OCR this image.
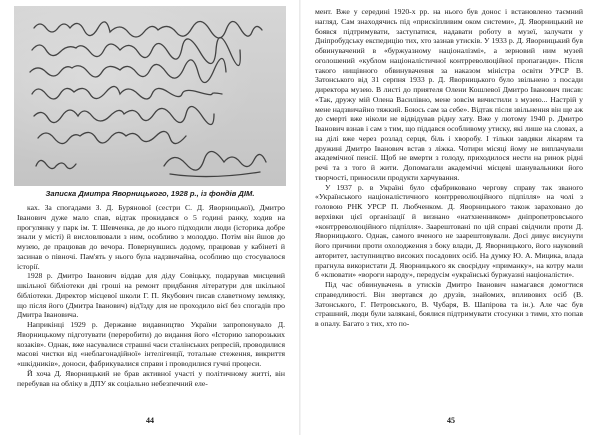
Записка Дмитра Яворницького, 1928 р., із фондів ДІМ.

ках. За спогадами З. Д. Бурянової (сестри С. Д. Яворницької), Дмитро Іванович дуже мало спав, відтак прокидався о 5 годині ранку, ходив на прогулянку у парк ім. Т. Шевченка, де до нього підходили люди (історика добре знали у місті) й висловлювали з ним, особливо з молоддю. Потім він йшов до музею, де працював до вечора. Повернувшись додому, працював у кабінеті й засинав о півночі. Пам'ять у нього була надзвичайна, особливо що стосувалося історії.

1928 р. Дмитро Іванович віддав для діду Совіцьку, подарував мисцевий шкільної бібліотеки дві гроші на ремонт придбання літератури для шкільної бібліотеки. Директор місцевої школи Г. П. Якубович писав славетному земляку, що після його (Дмитра Іванович) від'їзду для не проходило вієї без спогадів про Дмитра Івановича.

Наприкінці 1929 р. Державне видавництво України запропонувало Д. Яворницькому підготувати (переробити) до видання його «Історию запорозьких козаків». Однак, вже насувалися страшні часи сталінських репресій, проводилися масові чистки від «неблагонадійної» інтелігенції, тотальне стеження, викриття «шкідників», доноси, фабрикувалися справи і проводилися гучні процеси.

Й хоча Д. Яворницький не брав активної участі у політичному житті, він перебував на обліку в ДПУ як соціально небезпечний еле-

44

мент. Вже у середині 1920-х рр. на нього був донос і встановлено таємний нагляд. Сам знаходячись під «прискіпливим оком системи», Д. Яворницький не боявся підтримувати, заступатися, надавати роботу в музеї, залучати у Дніпробудську експедицію тих, хто зазнав утисків. У 1933 р. Д. Яворницький був обвинувачений в «буржуазному націоналізмі», а зерновий ним музей оголошений «кублом націоналістичної контрреволюційної пропаганди». Після такого нищівного обвинувачення за наказом міністра освіти УРСР В. Затонського від 31 серпня 1933 р. Д. Яворницького було звільнено з посади директора музею. В листі до приятеля Олени Кошлевої Дмитро Іванович писав: «Так, дружу мій Олена Василівно, мене зовсім вичистили з музею... Настрій у мене надзвичайно тяжкий. Боюсь сам за себе». Відтак після звільнення він ще аж до смерті вже ніколи не відвідував рідну хату. Вже у лютому 1940 р. Дмитро Іванович взнав і сам з тим, що піддався особливому утиску, які лише на словах, а на ділі вже через розлад серця, біль і хворобу. І тільки завдяки лікарям та дружині Дмитро Іванович встав з ліжка. Чотири місяці йому не виплачували академічної пенсії. Щоб не вмерти з голоду, приходилося нести на ринок рідні речі та з того й жити. Допомагали академічні місцеві шанувальники його творчості, приносили продукти харчування.

У 1937 р. в Україні було сфабриковано чергову справу так званого «Українського націоналістичного контрреволюційного підпілля» на чолі з головою РНК УРСР П. Любченком. Д. Яворницького також зараховано до верхівки цієї організації й визнано «натхненником» дніпропетровського «контрреволюційного підпілля». Заарештовані по цій справі свідчили проти Д. Яворницького. Однак, самого вченого не заарештовували. Досі дивує висунути його причини проти охолодження з боку влади, Д. Яворницького, його науковий авторитет, заступництво високих посадових осіб. На думку Ю. А. Мицика, влада прагнула використати Д. Яворницького як своєрідну «приманку», на котру мали б «клювати» «вороги народу», передусім «українські буржуазні націоналісти».

Під час обвинувачень в утисків Дмитро Іванович намагався домогтися справедливості. Він звертався до друзів, знайомих, впливових осіб (В. Затонського, Г. Петровського, В. Чубаря, В. Шапірова та ін.). Але час був страшний, люди були залякані, боялися підтримувати стосунки з тими, хто попав в опалу. Багато з тих, хто по-

45
